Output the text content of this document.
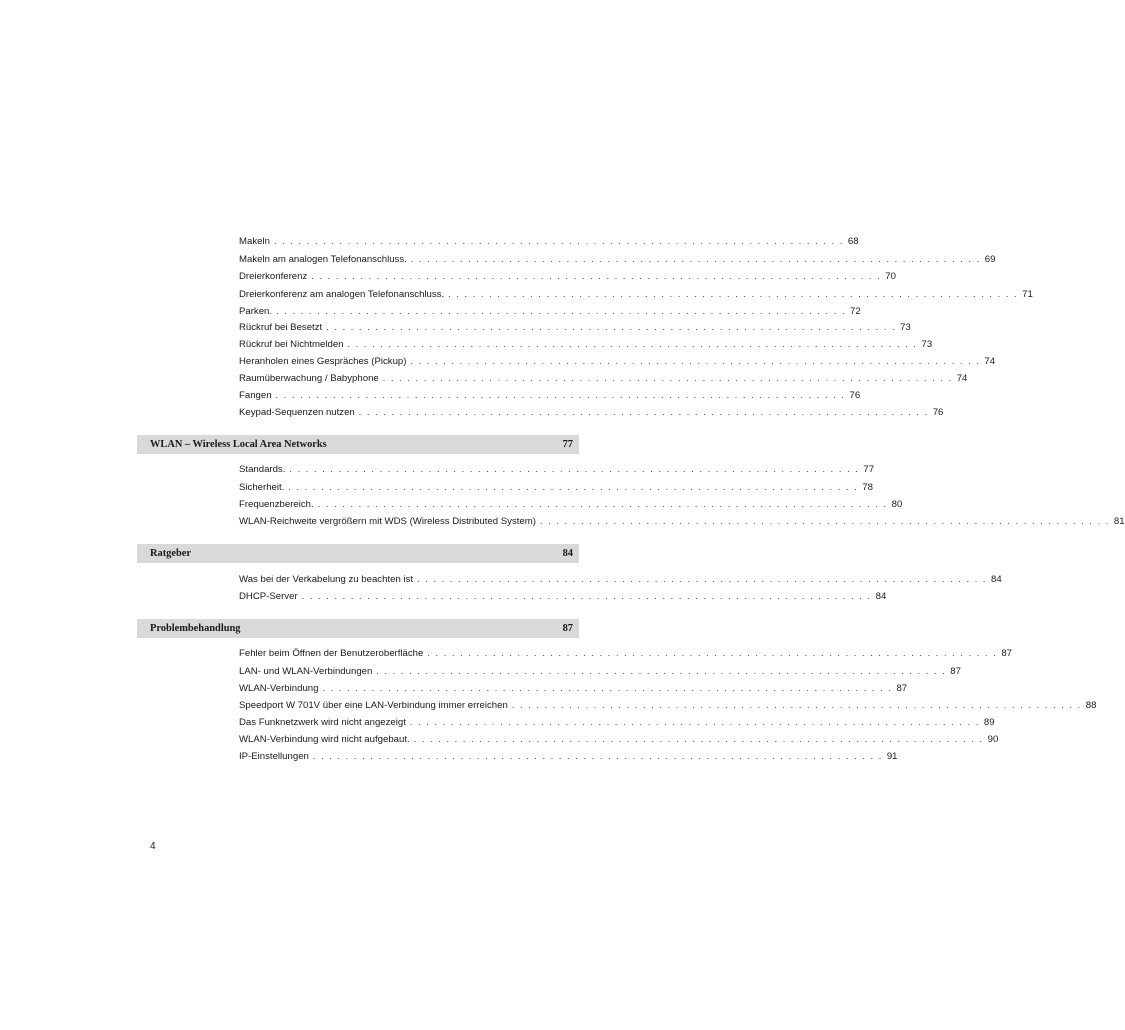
Makeln . . . . . . . . . . . . . . . . . . . . . . . . . . . . . . . . . . . . . . . . . . . . . . . . . . . . . . . . . . . . . . . . . . . . . . 68
Makeln am analogen Telefonanschluss. . . . . . . . . . . . . . . . . . . . . . . . . . . . . . . . . . . . . . . . . . . . . . . . . . . . . . . . . . . . . . . . . . . . . . . 69
Dreierkonferenz . . . . . . . . . . . . . . . . . . . . . . . . . . . . . . . . . . . . . . . . . . . . . . . . . . . . . . . . . . . . . . . . . . . . . . 70
Dreierkonferenz am analogen Telefonanschluss. . . . . . . . . . . . . . . . . . . . . . . . . . . . . . . . . . . . . . . . . . . . . . . . . . . . . . . . . . . . . . . . . . . . . . . 71
Parken. . . . . . . . . . . . . . . . . . . . . . . . . . . . . . . . . . . . . . . . . . . . . . . . . . . . . . . . . . . . . . . . . . . . . . . 72
Rückruf bei Besetzt . . . . . . . . . . . . . . . . . . . . . . . . . . . . . . . . . . . . . . . . . . . . . . . . . . . . . . . . . . . . . . . . . . . . . . 73
Rückruf bei Nichtmelden . . . . . . . . . . . . . . . . . . . . . . . . . . . . . . . . . . . . . . . . . . . . . . . . . . . . . . . . . . . . . . . . . . . . . . 73
Heranholen eines Gespräches (Pickup) . . . . . . . . . . . . . . . . . . . . . . . . . . . . . . . . . . . . . . . . . . . . . . . . . . . . . . . . . . . . . . . . . . . . . . 74
Raumüberwachung / Babyphone . . . . . . . . . . . . . . . . . . . . . . . . . . . . . . . . . . . . . . . . . . . . . . . . . . . . . . . . . . . . . . . . . . . . . . 74
Fangen . . . . . . . . . . . . . . . . . . . . . . . . . . . . . . . . . . . . . . . . . . . . . . . . . . . . . . . . . . . . . . . . . . . . . . 76
Keypad-Sequenzen nutzen . . . . . . . . . . . . . . . . . . . . . . . . . . . . . . . . . . . . . . . . . . . . . . . . . . . . . . . . . . . . . . . . . . . . . . 76
WLAN – Wireless Local Area Networks	77
Standards. . . . . . . . . . . . . . . . . . . . . . . . . . . . . . . . . . . . . . . . . . . . . . . . . . . . . . . . . . . . . . . . . . . . . . . 77
Sicherheit. . . . . . . . . . . . . . . . . . . . . . . . . . . . . . . . . . . . . . . . . . . . . . . . . . . . . . . . . . . . . . . . . . . . . . . 78
Frequenzbereich. . . . . . . . . . . . . . . . . . . . . . . . . . . . . . . . . . . . . . . . . . . . . . . . . . . . . . . . . . . . . . . . . . . . . . . 80
WLAN-Reichweite vergrößern mit WDS (Wireless Distributed System) . . . . . . . . . . . . . . . . . . . . . . . . . . . . . . . . . . . . . . . . . . . . . . . . . . . . . . . . . . . . . . . . . . . . . . 81
Ratgeber	84
Was bei der Verkabelung zu beachten ist . . . . . . . . . . . . . . . . . . . . . . . . . . . . . . . . . . . . . . . . . . . . . . . . . . . . . . . . . . . . . . . . . . . . . . 84
DHCP-Server . . . . . . . . . . . . . . . . . . . . . . . . . . . . . . . . . . . . . . . . . . . . . . . . . . . . . . . . . . . . . . . . . . . . . . 84
Problembehandlung	87
Fehler beim Öffnen der Benutzeroberfläche . . . . . . . . . . . . . . . . . . . . . . . . . . . . . . . . . . . . . . . . . . . . . . . . . . . . . . . . . . . . . . . . . . . . . . 87
LAN- und WLAN-Verbindungen . . . . . . . . . . . . . . . . . . . . . . . . . . . . . . . . . . . . . . . . . . . . . . . . . . . . . . . . . . . . . . . . . . . . . . 87
WLAN-Verbindung . . . . . . . . . . . . . . . . . . . . . . . . . . . . . . . . . . . . . . . . . . . . . . . . . . . . . . . . . . . . . . . . . . . . . . 87
Speedport W 701V über eine LAN-Verbindung immer erreichen . . . . . . . . . . . . . . . . . . . . . . . . . . . . . . . . . . . . . . . . . . . . . . . . . . . . . . . . . . . . . . . . . . . . . . 88
Das Funknetzwerk wird nicht angezeigt . . . . . . . . . . . . . . . . . . . . . . . . . . . . . . . . . . . . . . . . . . . . . . . . . . . . . . . . . . . . . . . . . . . . . . 89
WLAN-Verbindung wird nicht aufgebaut. . . . . . . . . . . . . . . . . . . . . . . . . . . . . . . . . . . . . . . . . . . . . . . . . . . . . . . . . . . . . . . . . . . . . . . 90
IP-Einstellungen . . . . . . . . . . . . . . . . . . . . . . . . . . . . . . . . . . . . . . . . . . . . . . . . . . . . . . . . . . . . . . . . . . . . . . 91
4
